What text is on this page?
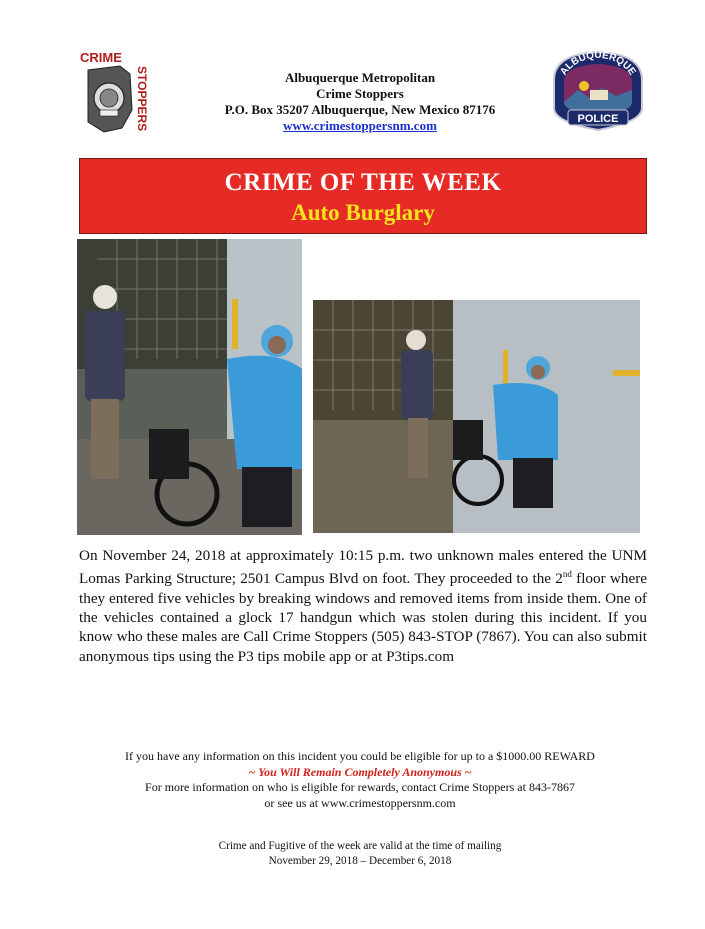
CRIME
STOPPERS	Albuquerque Metropolitan
Crime Stoppers
P.O. Box 35207 Albuquerque, New Mexico 87176
www.crimestoppersnm.com
ALBUQUERQUE
POLICE
CRIME OF THE WEEK
Auto Burglary
On November 24, 2018 at approximately 10:15 p.m. two unknown males entered the UNM Lomas Parking Structure; 2501 Campus Blvd on foot. They proceeded to the 2nd floor where they entered five vehicles by breaking windows and removed items from inside them. One of the vehicles contained a glock 17 handgun which was stolen during this incident. If you know who these males are Call Crime Stoppers (505) 843-STOP (7867). You can also submit anonymous tips using the P3 tips mobile app or at P3tips.com
If you have any information on this incident you could be eligible for up to a $1000.00 REWARD
~ You Will Remain Completely Anonymous ~
For more information on who is eligible for rewards, contact Crime Stoppers at 843-7867
or see us at www.crimestoppersnm.com
Crime and Fugitive of the week are valid at the time of mailing
November 29, 2018 – December 6, 2018
